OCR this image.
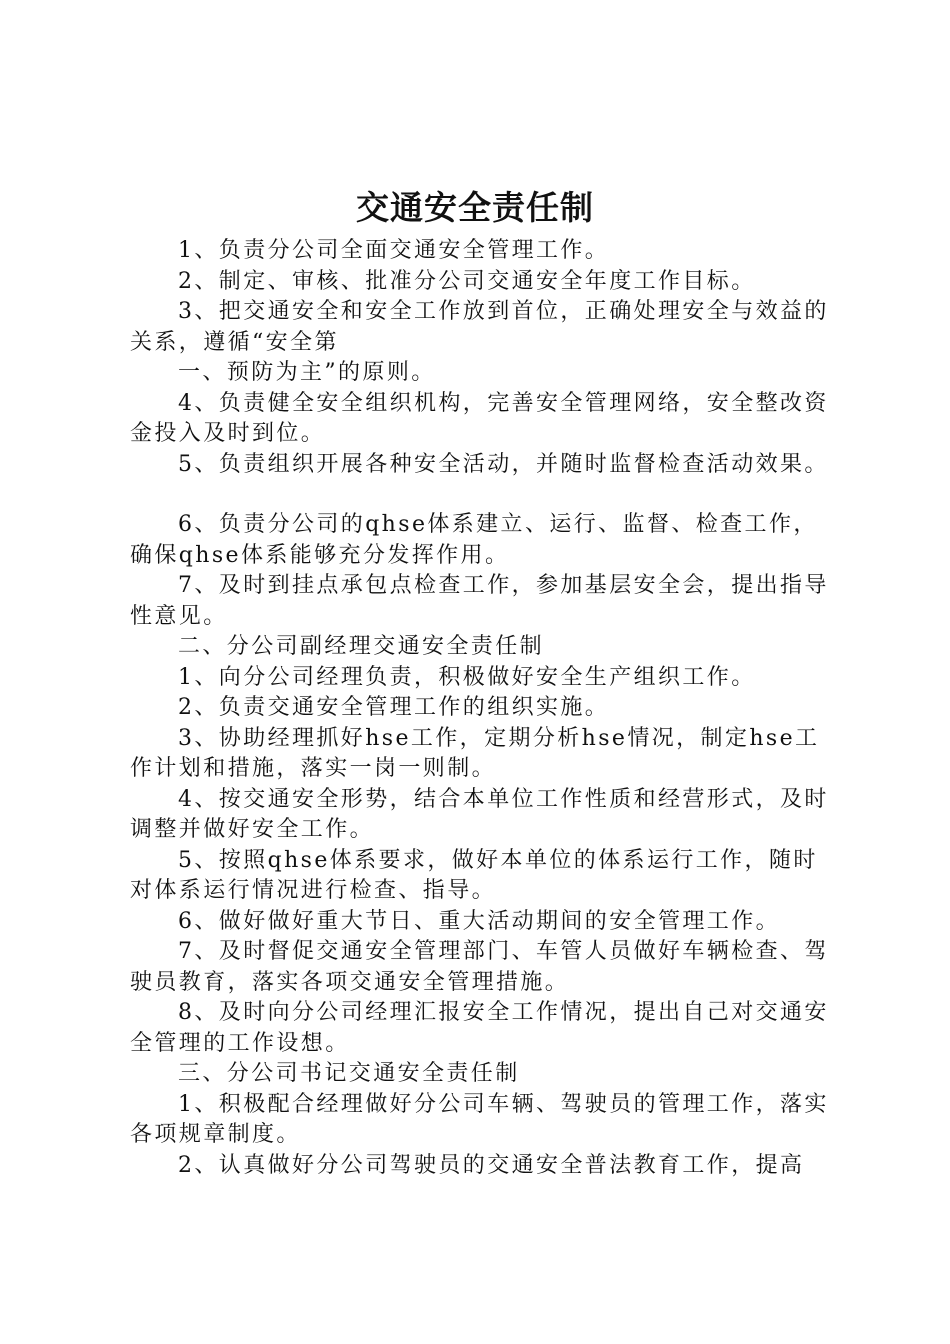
交通安全责任制

1、负责分公司全面交通安全管理工作。

2、制定、审核、批准分公司交通安全年度工作目标。

3、把交通安全和安全工作放到首位，正确处理安全与效益的关系，遵循“安全第

一、预防为主”的原则。

4、负责健全安全组织机构，完善安全管理网络，安全整改资金投入及时到位。

5、负责组织开展各种安全活动，并随时监督检查活动效果。

6、负责分公司的qhse体系建立、运行、监督、检查工作，确保qhse体系能够充分发挥作用。

7、及时到挂点承包点检查工作，参加基层安全会，提出指导性意见。

二、分公司副经理交通安全责任制

1、向分公司经理负责，积极做好安全生产组织工作。

2、负责交通安全管理工作的组织实施。

3、协助经理抓好hse工作，定期分析hse情况，制定hse工作计划和措施，落实一岗一则制。

4、按交通安全形势，结合本单位工作性质和经营形式，及时调整并做好安全工作。

5、按照qhse体系要求，做好本单位的体系运行工作，随时对体系运行情况进行检查、指导。

6、做好做好重大节日、重大活动期间的安全管理工作。

7、及时督促交通安全管理部门、车管人员做好车辆检查、驾驶员教育，落实各项交通安全管理措施。

8、及时向分公司经理汇报安全工作情况，提出自己对交通安全管理的工作设想。

三、分公司书记交通安全责任制

1、积极配合经理做好分公司车辆、驾驶员的管理工作，落实各项规章制度。

2、认真做好分公司驾驶员的交通安全普法教育工作，提高
